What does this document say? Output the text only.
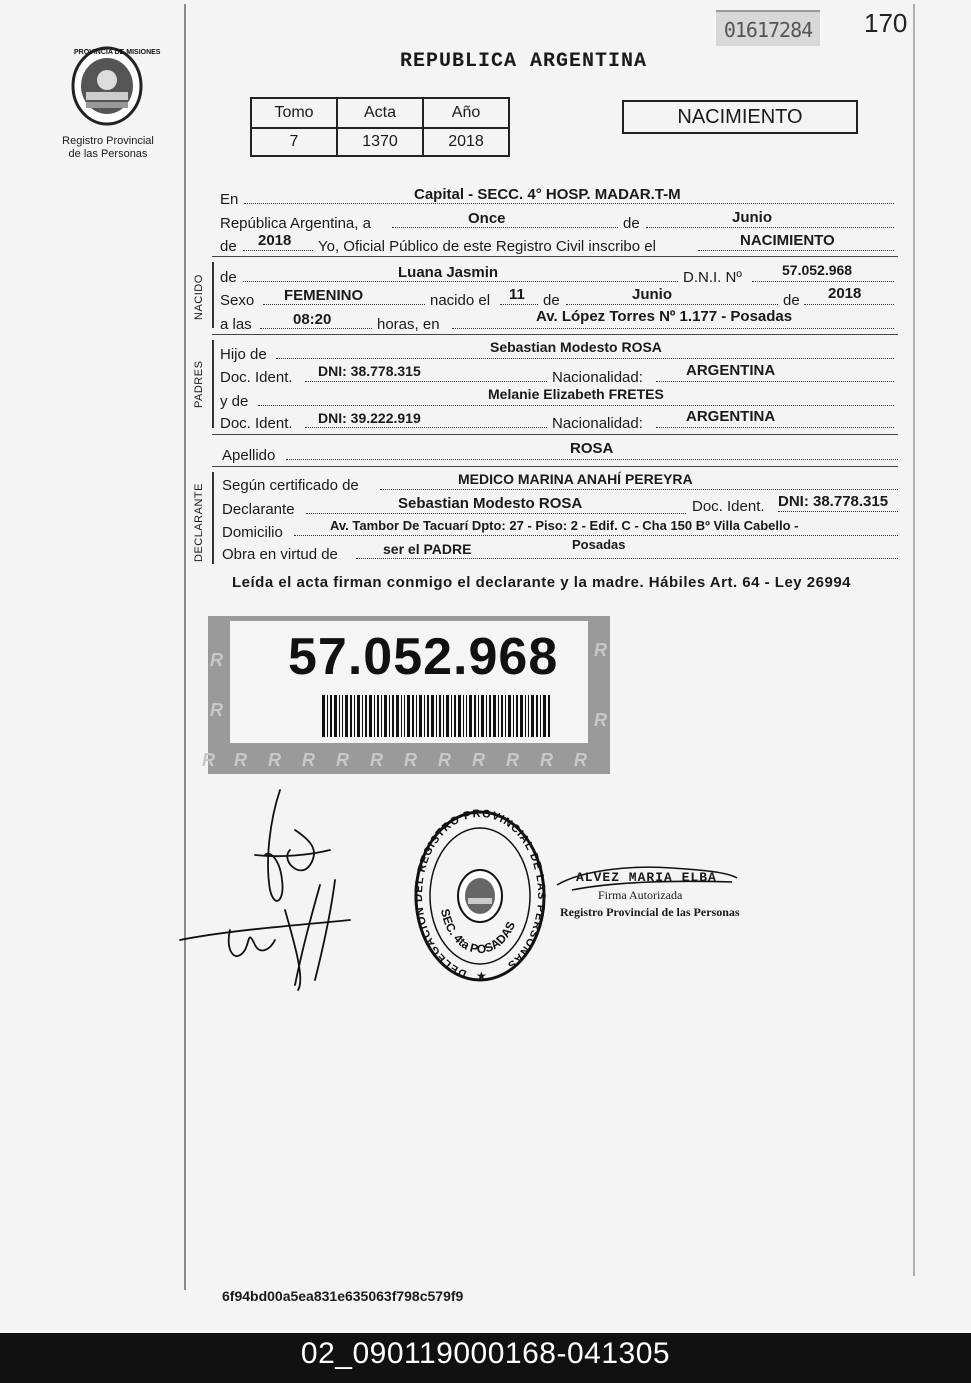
01617284	170
PROVINCIA DE MISIONES
Registro Provincial
de las Personas
REPUBLICA ARGENTINA
Tomo	Acta	Año
7	1370	2018
NACIMIENTO
En	Capital - SECC. 4° HOSP. MADAR.T-M
República Argentina, a	Once	de	Junio
de 2018 Yo, Oficial Público de este Registro Civil inscribo el	NACIMIENTO
NACIDO de	Luana Jasmin	D.N.I. Nº	57.052.968
Sexo FEMENINO	nacido el 11 de	Junio	de 2018
a las	08:20	horas, en	Av. López Torres Nº 1.177 - Posadas
PADRES
Hijo de	Sebastian Modesto ROSA
Doc. Ident. DNI: 38.778.315	Nacionalidad:	ARGENTINA
y de	Melanie Elizabeth FRETES
Doc. Ident. DNI: 39.222.919	Nacionalidad:	ARGENTINA
Apellido	ROSA
DECLARANTE Según certificado de	MEDICO MARINA ANAHÍ PEREYRA
Declarante	Sebastian Modesto ROSA	Doc. Ident. DNI: 38.778.315
Domicilio	Av. Tambor De Tacuarí Dpto: 27 - Piso: 2 - Edif. C - Cha 150 Bº Villa Cabello -
Posadas
Obra en virtud de	ser el PADRE
Leída el acta firman conmigo el declarante y la madre. Hábiles Art. 64 - Ley 26994
R R R R R R R R R R R R
R
R
R
R
57.052.968
DELEGACION DEL REGISTRO PROVINCIAL DE LAS PERSONAS
SEC. 4ta POSADAS
★
ALVEZ MARIA ELBA
Firma Autorizada
Registro Provincial de las Personas
6f94bd00a5ea831e635063f798c579f9
02_090119000168-041305
